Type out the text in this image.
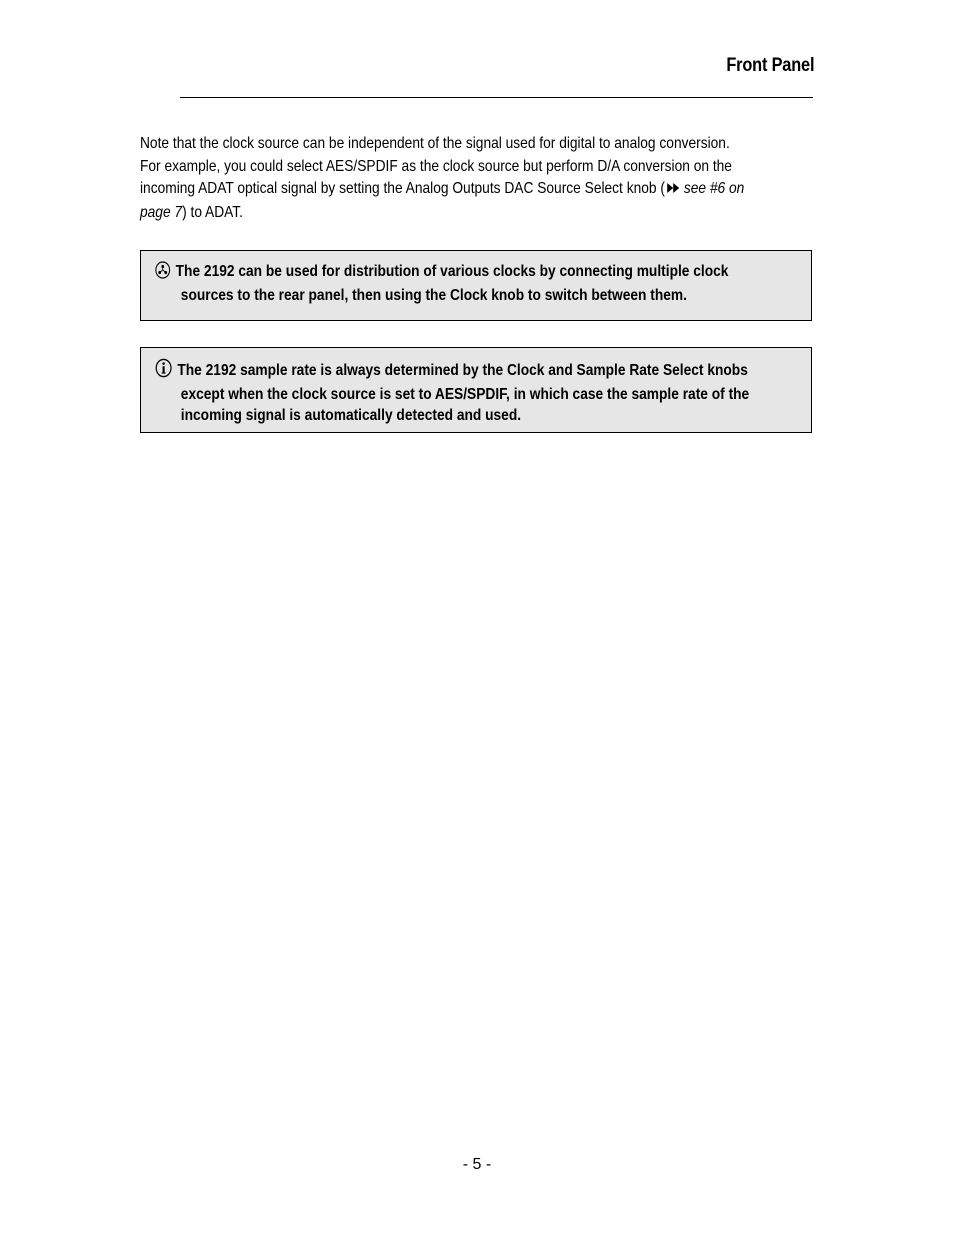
Front Panel
Note that the clock source can be independent of the signal used for digital to analog conversion.
For example, you could select AES/SPDIF as the clock source but perform D/A conversion on the
incoming ADAT optical signal by setting the Analog Outputs DAC Source Select knob ( see #6 on
page 7) to ADAT.
The 2192 can be used for distribution of various clocks by connecting multiple clock
sources to the rear panel, then using the Clock knob to switch between them.
The 2192 sample rate is always determined by the Clock and Sample Rate Select knobs
except when the clock source is set to AES/SPDIF, in which case the sample rate of the
incoming signal is automatically detected and used.
- 5 -
